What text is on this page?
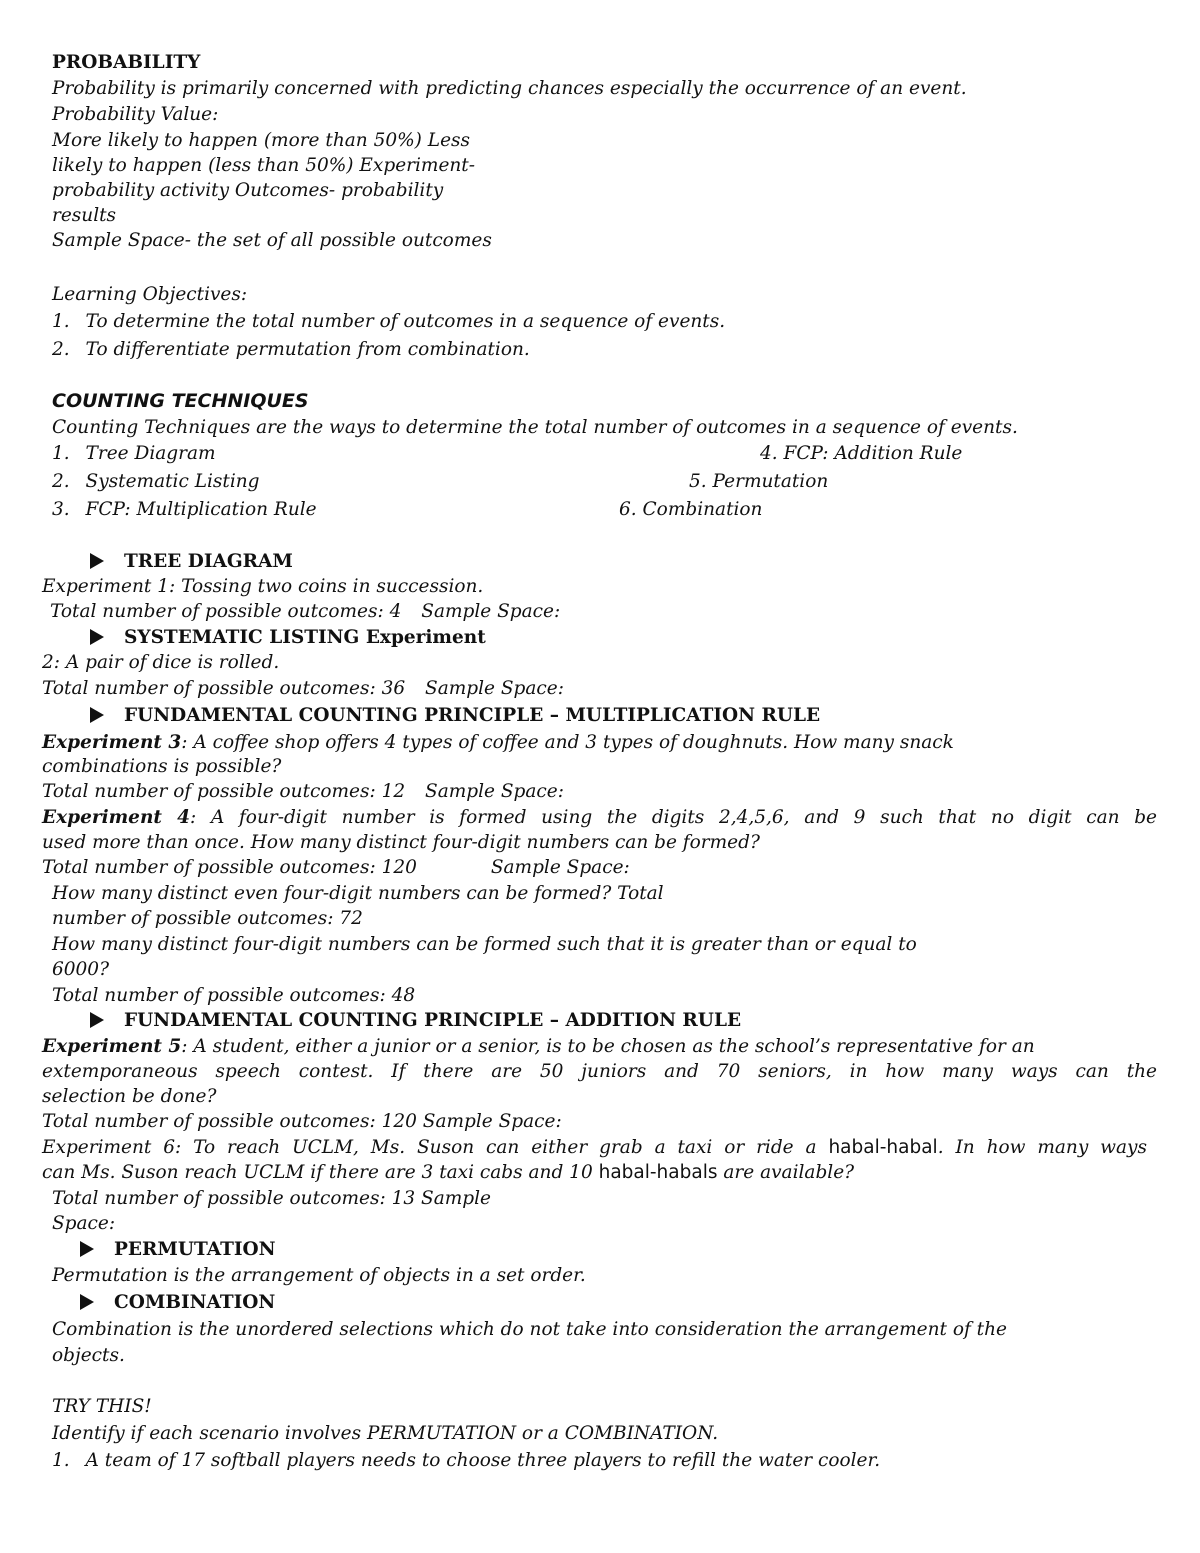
PROBABILITY
Probability is primarily concerned with predicting chances especially the occurrence of an event.
Probability Value:
More likely to happen (more than 50%) Less
likely to happen (less than 50%) Experiment-
probability activity Outcomes- probability
results
Sample Space- the set of all possible outcomes
Learning Objectives:
1. To determine the total number of outcomes in a sequence of events.
2. To differentiate permutation from combination.
COUNTING TECHNIQUES
Counting Techniques are the ways to determine the total number of outcomes in a sequence of events.
1. Tree Diagram
2. Systematic Listing
3. FCP: Multiplication Rule
4. FCP: Addition Rule
5. Permutation
6. Combination
TREE DIAGRAM
Experiment 1: Tossing two coins in succession.
Total number of possible outcomes: 4 Sample Space:
SYSTEMATIC LISTING Experiment
2: A pair of dice is rolled.
Total number of possible outcomes: 36 Sample Space:
FUNDAMENTAL COUNTING PRINCIPLE – MULTIPLICATION RULE
Experiment 3: A coffee shop offers 4 types of coffee and 3 types of doughnuts. How many snack
combinations is possible?
Total number of possible outcomes: 12 Sample Space:
Experiment 4: A four-digit number is formed using the digits 2,4,5,6, and 9 such that no digit can be
used more than once. How many distinct four-digit numbers can be formed?
Total number of possible outcomes: 120	Sample Space:
How many distinct even four-digit numbers can be formed? Total
number of possible outcomes: 72
How many distinct four-digit numbers can be formed such that it is greater than or equal to
6000?
Total number of possible outcomes: 48
FUNDAMENTAL COUNTING PRINCIPLE – ADDITION RULE
Experiment 5: A student, either a junior or a senior, is to be chosen as the school’s representative for an
extemporaneous speech contest. If there are 50 juniors and 70 seniors, in how many ways can the
selection be done?
Total number of possible outcomes: 120 Sample Space:
Experiment 6: To reach UCLM, Ms. Suson can either grab a taxi or ride a habal-habal. In how many ways
can Ms. Suson reach UCLM if there are 3 taxi cabs and 10 habal-habals are available?
Total number of possible outcomes: 13 Sample
Space:
PERMUTATION
Permutation is the arrangement of objects in a set order.
COMBINATION
Combination is the unordered selections which do not take into consideration the arrangement of the
objects.
TRY THIS!
Identify if each scenario involves PERMUTATION or a COMBINATION.
1. A team of 17 softball players needs to choose three players to refill the water cooler.
